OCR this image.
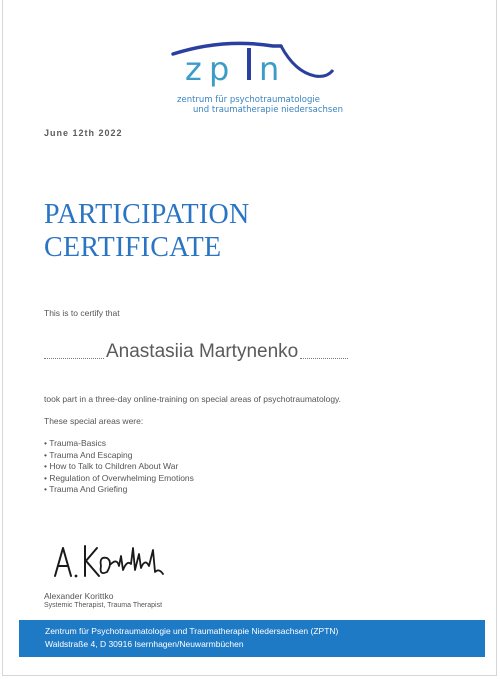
z p n
zentrum für psychotraumatologie
und traumatherapie niedersachsen
June 12th 2022
PARTICIPATION
CERTIFICATE
This is to certify that
Anastasiia Martynenko
took part in a three-day online-training on special areas of psychotraumatology.
These special areas were:
• Trauma-Basics
• Trauma And Escaping
• How to Talk to Children About War
• Regulation of Overwhelming Emotions
• Trauma And Griefing
Alexander Korittko
Systemic Therapist, Trauma Therapist
Zentrum für Psychotraumatologie und Traumatherapie Niedersachsen (ZPTN)
Waldstraße 4, D 30916 Isernhagen/Neuwarmbüchen
